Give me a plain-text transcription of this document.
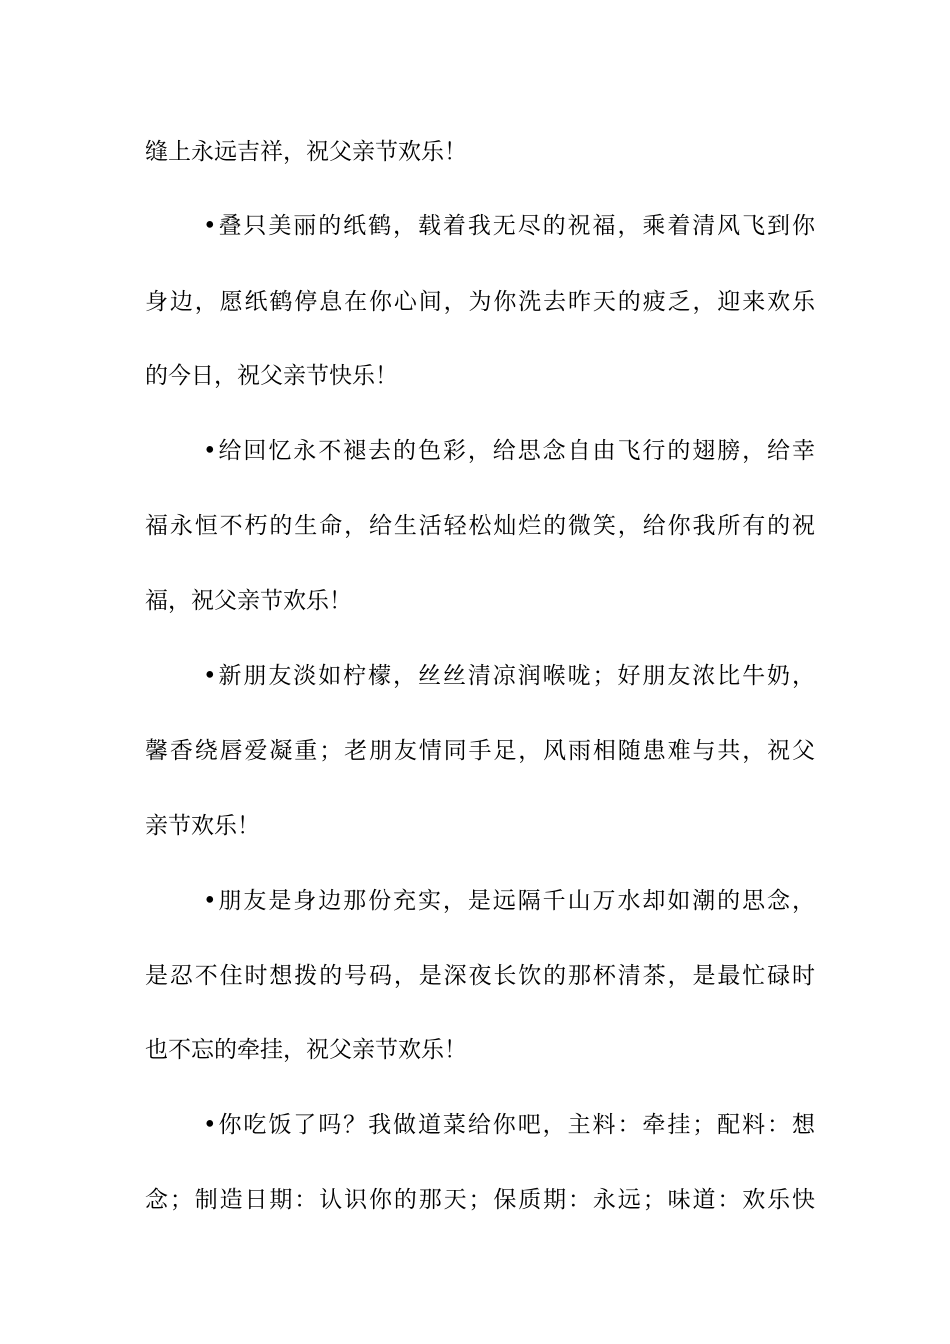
缝上永远吉祥，祝父亲节欢乐！
•叠只美丽的纸鹤，载着我无尽的祝福，乘着清风飞到你
身边，愿纸鹤停息在你心间，为你洗去昨天的疲乏，迎来欢乐
的今日，祝父亲节快乐！
•给回忆永不褪去的色彩，给思念自由飞行的翅膀，给幸
福永恒不朽的生命，给生活轻松灿烂的微笑，给你我所有的祝
福，祝父亲节欢乐！
•新朋友淡如柠檬，丝丝清凉润喉咙；好朋友浓比牛奶，
馨香绕唇爱凝重；老朋友情同手足，风雨相随患难与共，祝父
亲节欢乐！
•朋友是身边那份充实，是远隔千山万水却如潮的思念，
是忍不住时想拨的号码，是深夜长饮的那杯清茶，是最忙碌时
也不忘的牵挂，祝父亲节欢乐！
•你吃饭了吗？我做道菜给你吧，主料：牵挂；配料：想
念；制造日期：认识你的那天；保质期：永远；味道：欢乐快
